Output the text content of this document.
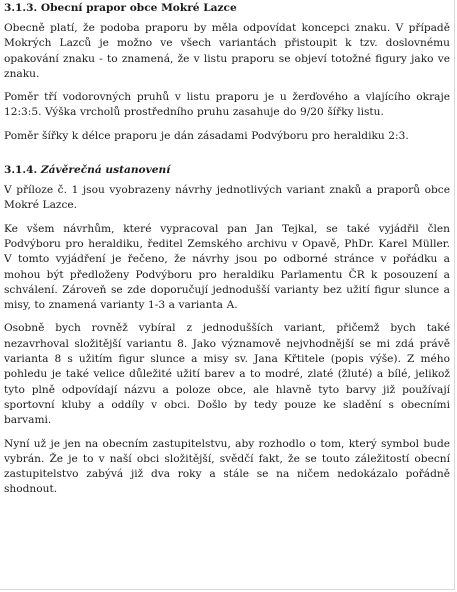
3.1.3. Obecní prapor obce Mokré Lazce

Obecně platí, že podoba praporu by měla odpovídat koncepci znaku. V případě Mokrých Lazců je možno ve všech variantách přistoupit k tzv. doslovnému opakování znaku - to znamená, že v listu praporu se objeví totožné figury jako ve znaku.

Poměr tří vodorovných pruhů v listu praporu je u žerďového a vlajícího okraje 12:3:5. Výška vrcholů prostředního pruhu zasahuje do 9/20 šířky listu.

Poměr šířky k délce praporu je dán zásadami Podvýboru pro heraldiku 2:3.

3.1.4. Závěrečná ustanovení

V příloze č. 1 jsou vyobrazeny návrhy jednotlivých variant znaků a praporů obce Mokré Lazce.

Ke všem návrhům, které vypracoval pan Jan Tejkal, se také vyjádřil člen Podvýboru pro heraldiku, ředitel Zemského archivu v Opavě, PhDr. Karel Müller. V tomto vyjádření je řečeno, že návrhy jsou po odborné stránce v pořádku a mohou být předloženy Podvýboru pro heraldiku Parlamentu ČR k posouzení a schválení. Zároveň se zde doporučují jednodušší varianty bez užití figur slunce a misy, to znamená varianty 1-3 a varianta A.

Osobně bych rovněž vybíral z jednodušších variant, přičemž bych také nezavrhoval složitější variantu 8. Jako významově nejvhodnější se mi zdá právě varianta 8 s užitím figur slunce a misy sv. Jana Křtitele (popis výše). Z mého pohledu je také velice důležité užití barev a to modré, zlaté (žluté) a bílé, jelikož tyto plně odpovídají názvu a poloze obce, ale hlavně tyto barvy již používají sportovní kluby a oddíly v obci. Došlo by tedy pouze ke sladění s obecními barvami.

Nyní už je jen na obecním zastupitelstvu, aby rozhodlo o tom, který symbol bude vybrán. Že je to v naší obci složitější, svědčí fakt, že se touto záležitostí obecní zastupitelstvo zabývá již dva roky a stále se na ničem nedokázalo pořádně shodnout.
